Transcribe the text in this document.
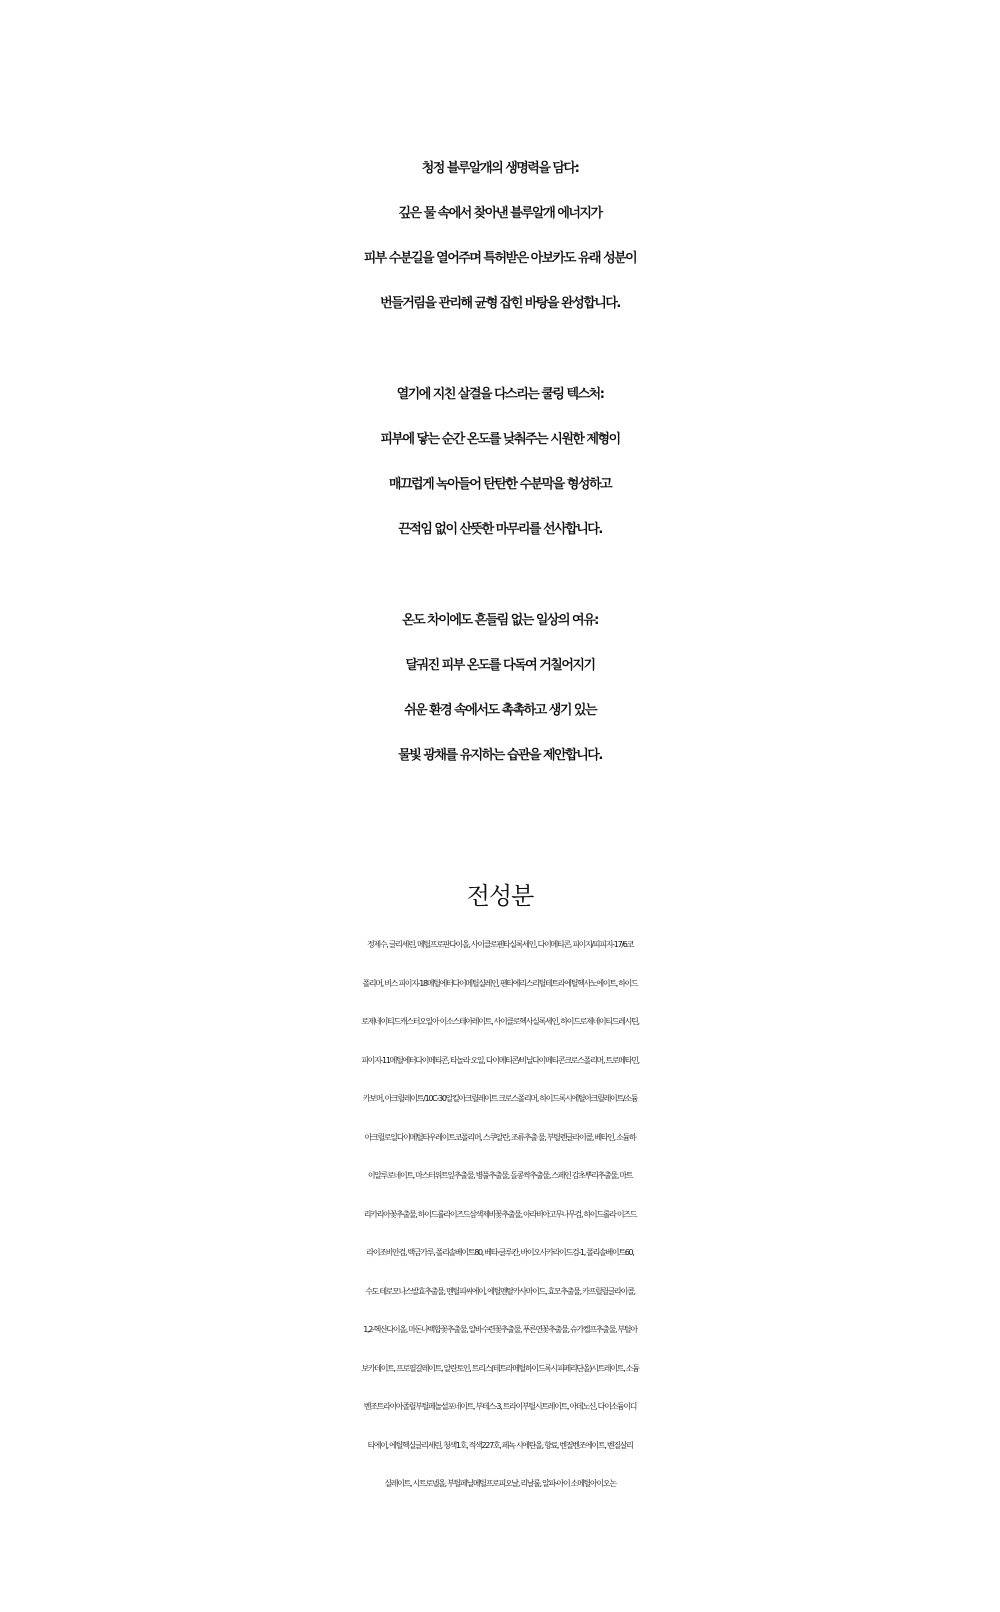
청정 블루알개의 생명력을 담다:
깊은 물 속에서 찾아낸 블루알개 에너지가
피부 수분길을 열어주며 특허받은 아보카도 유래 성분이
번들거림을 관리해 균형 잡힌 바탕을 완성합니다.

열기에 지친 살결을 다스리는 쿨링 텍스처:
피부에 닿는 순간 온도를 낮춰주는 시원한 제형이
매끄럽게 녹아들어 탄탄한 수분막을 형성하고
끈적임 없이 산뜻한 마무리를 선사합니다.

온도 차이에도 흔들림 없는 일상의 여유:
달궈진 피부 온도를 다독여 거칠어지기
쉬운 환경 속에서도 촉촉하고 생기 있는
물빛 광채를 유지하는 습관을 제안합니다.

전성분
정제수, 글리세린, 메틸프로판다이올, 사이클로펜타실록세인, 다이메티콘, 피이지/피피지-17/6코
폴리머, 비스 피이지-18메틸에터다이메틸실레인, 펜타에리스리틸테트라에틸헥사노에이트, 하이드
로제네이티드캐스터오일아 이소스테아레이트, 사이클로헥사실록세인, 하이드로제네이티드레시틴,
피이지-11메틸에터다이메티콘, 타놀라 오일, 다이메티콘/비닐다이메티콘크로스폴리머, 트로메타민,
카보머, 아크릴레이트/10C-30알킬아크릴레이트 크로스폴리머, 하이드록시에틸아크릴레이트/소듐
아크릴로일다이메틸타우레이트코폴리머, 스쿠알란, 조류추출 물, 부틸렌글라이콜, 베타인, 소듐하
이알루로네이트, 마스터위트잎추출물, 병풀추출물, 돌콩싹추출물, 스페인 감초뿌리추출물, 마트
리카리아꽃추출물, 하이드롤라이즈드삼색제비꽃추출물, 아라비아고무나무검, 하이드롤라 이즈드
라이조비안검, 백금가루, 폴리솔베이트80, 베타-글루칸, 바이오사카라이드검-1, 폴리솔베이트60,
수도 테로모나스발효추출물, 멘틸피씨에이, 에틸멘탈카사마이드, 효모추출물, 카프릴릴글라이콜,
1,2-헥산다이올, 마돈나백합꽃추출물, 알바수련꽃추출물, 푸른연꽃추출물, 슈가켈프추출물, 부틸아
보카데이트, 프로필갈레이트, 알란토인, 트리스(테트라메틸하이드록시피페리단올)시트레이트, 소듐
벤조트라이아졸릴부틸페놀설포네이트, 부테스-3, 트라이부틸시트레이트, 아데노신, 다이소듐이디
티에이, 에틸헥실글리세린, 청색1호, 적색227호, 페녹 시에탄올, 향료, 벤질벤조에이트, 벤질살리
실레이트, 시트로넬올, 부틸페닐메틸프로피오날, 리날룰, 알파-아이 소메틸아이오논
